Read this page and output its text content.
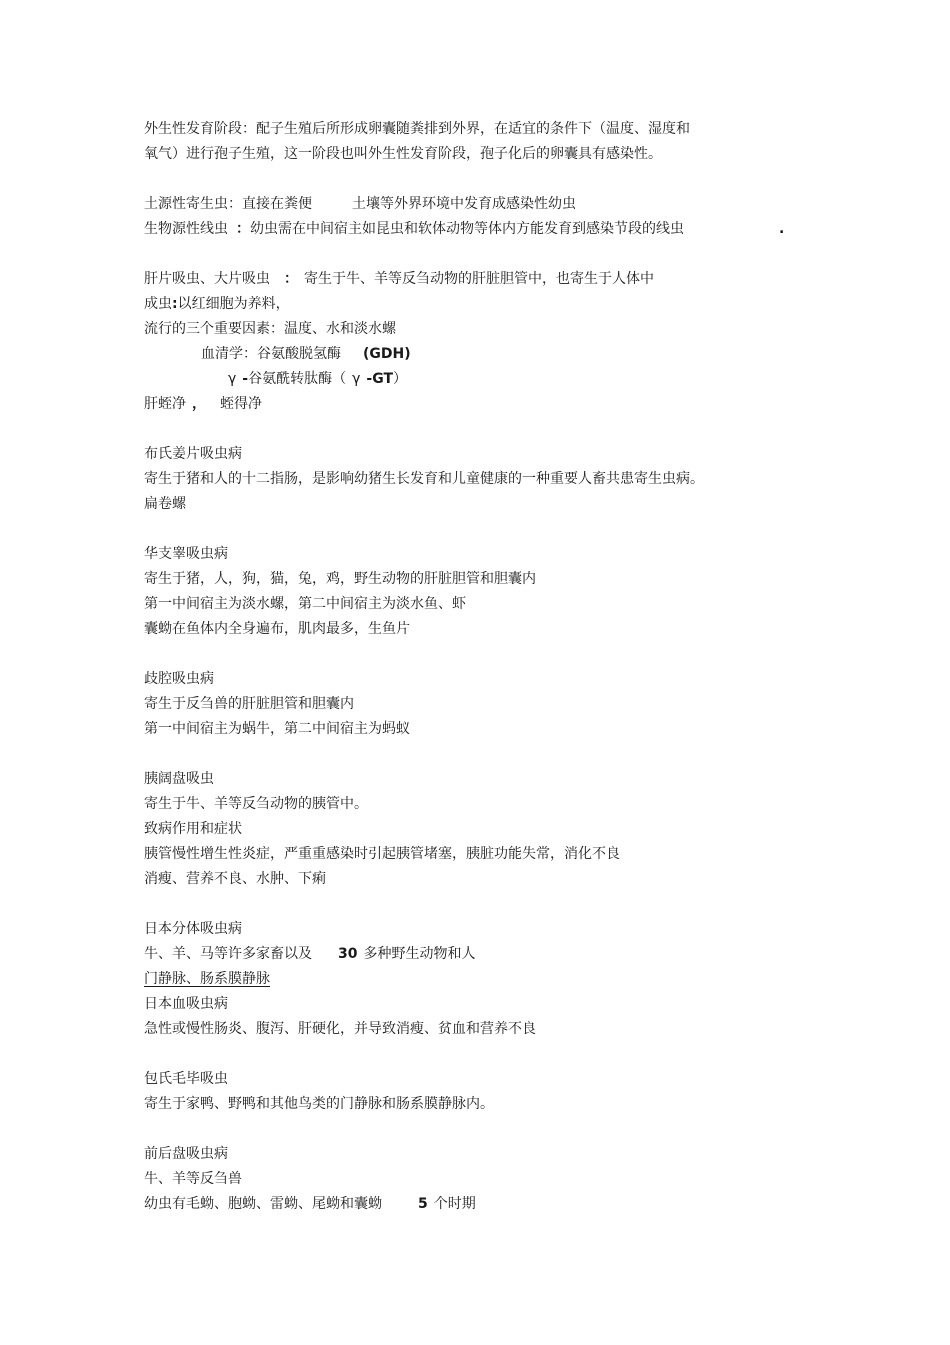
外生性发育阶段：配子生殖后所形成卵囊随粪排到外界，在适宜的条件下（温度、湿度和
氧气）进行孢子生殖，这一阶段也叫外生性发育阶段，孢子化后的卵囊具有感染性。
土源性寄生虫：直接在粪便	土壤等外界环境中发育成感染性幼虫
生物源性线虫 ：幼虫需在中间宿主如昆虫和软体动物等体内方能发育到感染节段的线虫	.
肝片吸虫、大片吸虫 ： 寄生于牛、羊等反刍动物的肝脏胆管中，也寄生于人体中
成虫:以红细胞为养料，
流行的三个重要因素：温度、水和淡水螺
血清学：谷氨酸脱氢酶 (GDH)
γ -谷氨酰转肽酶（ γ -GT）
肝蛭净 ， 蛭得净
布氏姜片吸虫病
寄生于猪和人的十二指肠，是影响幼猪生长发育和儿童健康的一种重要人畜共患寄生虫病。
扁卷螺
华支睾吸虫病
寄生于猪，人，狗，猫，兔，鸡，野生动物的肝脏胆管和胆囊内
第一中间宿主为淡水螺，第二中间宿主为淡水鱼、虾
囊蚴在鱼体内全身遍布，肌肉最多，生鱼片
歧腔吸虫病
寄生于反刍兽的肝脏胆管和胆囊内
第一中间宿主为蜗牛，第二中间宿主为蚂蚁
胰阔盘吸虫
寄生于牛、羊等反刍动物的胰管中。
致病作用和症状
胰管慢性增生性炎症，严重重感染时引起胰管堵塞，胰脏功能失常，消化不良
消瘦、营养不良、水肿、下痢
日本分体吸虫病
牛、羊、马等许多家畜以及 30 多种野生动物和人
门静脉、肠系膜静脉
日本血吸虫病
急性或慢性肠炎、腹泻、肝硬化，并导致消瘦、贫血和营养不良
包氏毛毕吸虫
寄生于家鸭、野鸭和其他鸟类的门静脉和肠系膜静脉内。
前后盘吸虫病
牛、羊等反刍兽
幼虫有毛蚴、胞蚴、雷蚴、尾蚴和囊蚴	5 个时期
